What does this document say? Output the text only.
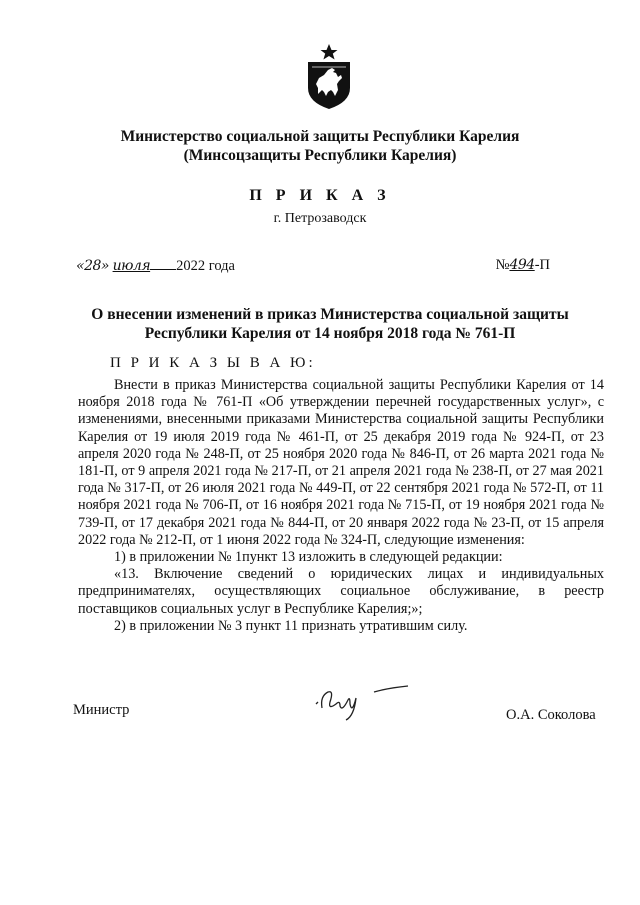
Министерство социальной защиты Республики Карелия
(Минсоцзащиты Республики Карелия)
П Р И К А З
г. Петрозаводск
«28» июля 2022 года	№494-П
О внесении изменений в приказ Министерства социальной защиты
Республики Карелия от 14 ноября 2018 года № 761-П
П Р И К А З Ы В А Ю:

Внести в приказ Министерства социальной защиты Республики Карелия от 14 ноября 2018 года № 761-П «Об утверждении перечней государственных услуг», с изменениями, внесенными приказами Министерства социальной защиты Республики Карелия от 19 июля 2019 года № 461-П, от 25 декабря 2019 года № 924-П, от 23 апреля 2020 года № 248-П, от 25 ноября 2020 года № 846-П, от 26 марта 2021 года № 181-П, от 9 апреля 2021 года № 217-П, от 21 апреля 2021 года № 238-П, от 27 мая 2021 года № 317-П, от 26 июля 2021 года № 449-П, от 22 сентября 2021 года № 572-П, от 11 ноября 2021 года № 706-П, от 16 ноября 2021 года № 715-П, от 19 ноября 2021 года № 739-П, от 17 декабря 2021 года № 844-П, от 20 января 2022 года № 23-П, от 15 апреля 2022 года № 212-П, от 1 июня 2022 года № 324-П, следующие изменения:

1) в приложении № 1пункт 13 изложить в следующей редакции:

«13. Включение сведений о юридических лицах и индивидуальных предпринимателях, осуществляющих социальное обслуживание, в реестр поставщиков социальных услуг в Республике Карелия;»;

2) в приложении № 3 пункт 11 признать утратившим силу.

Министр	О.А. Соколова
